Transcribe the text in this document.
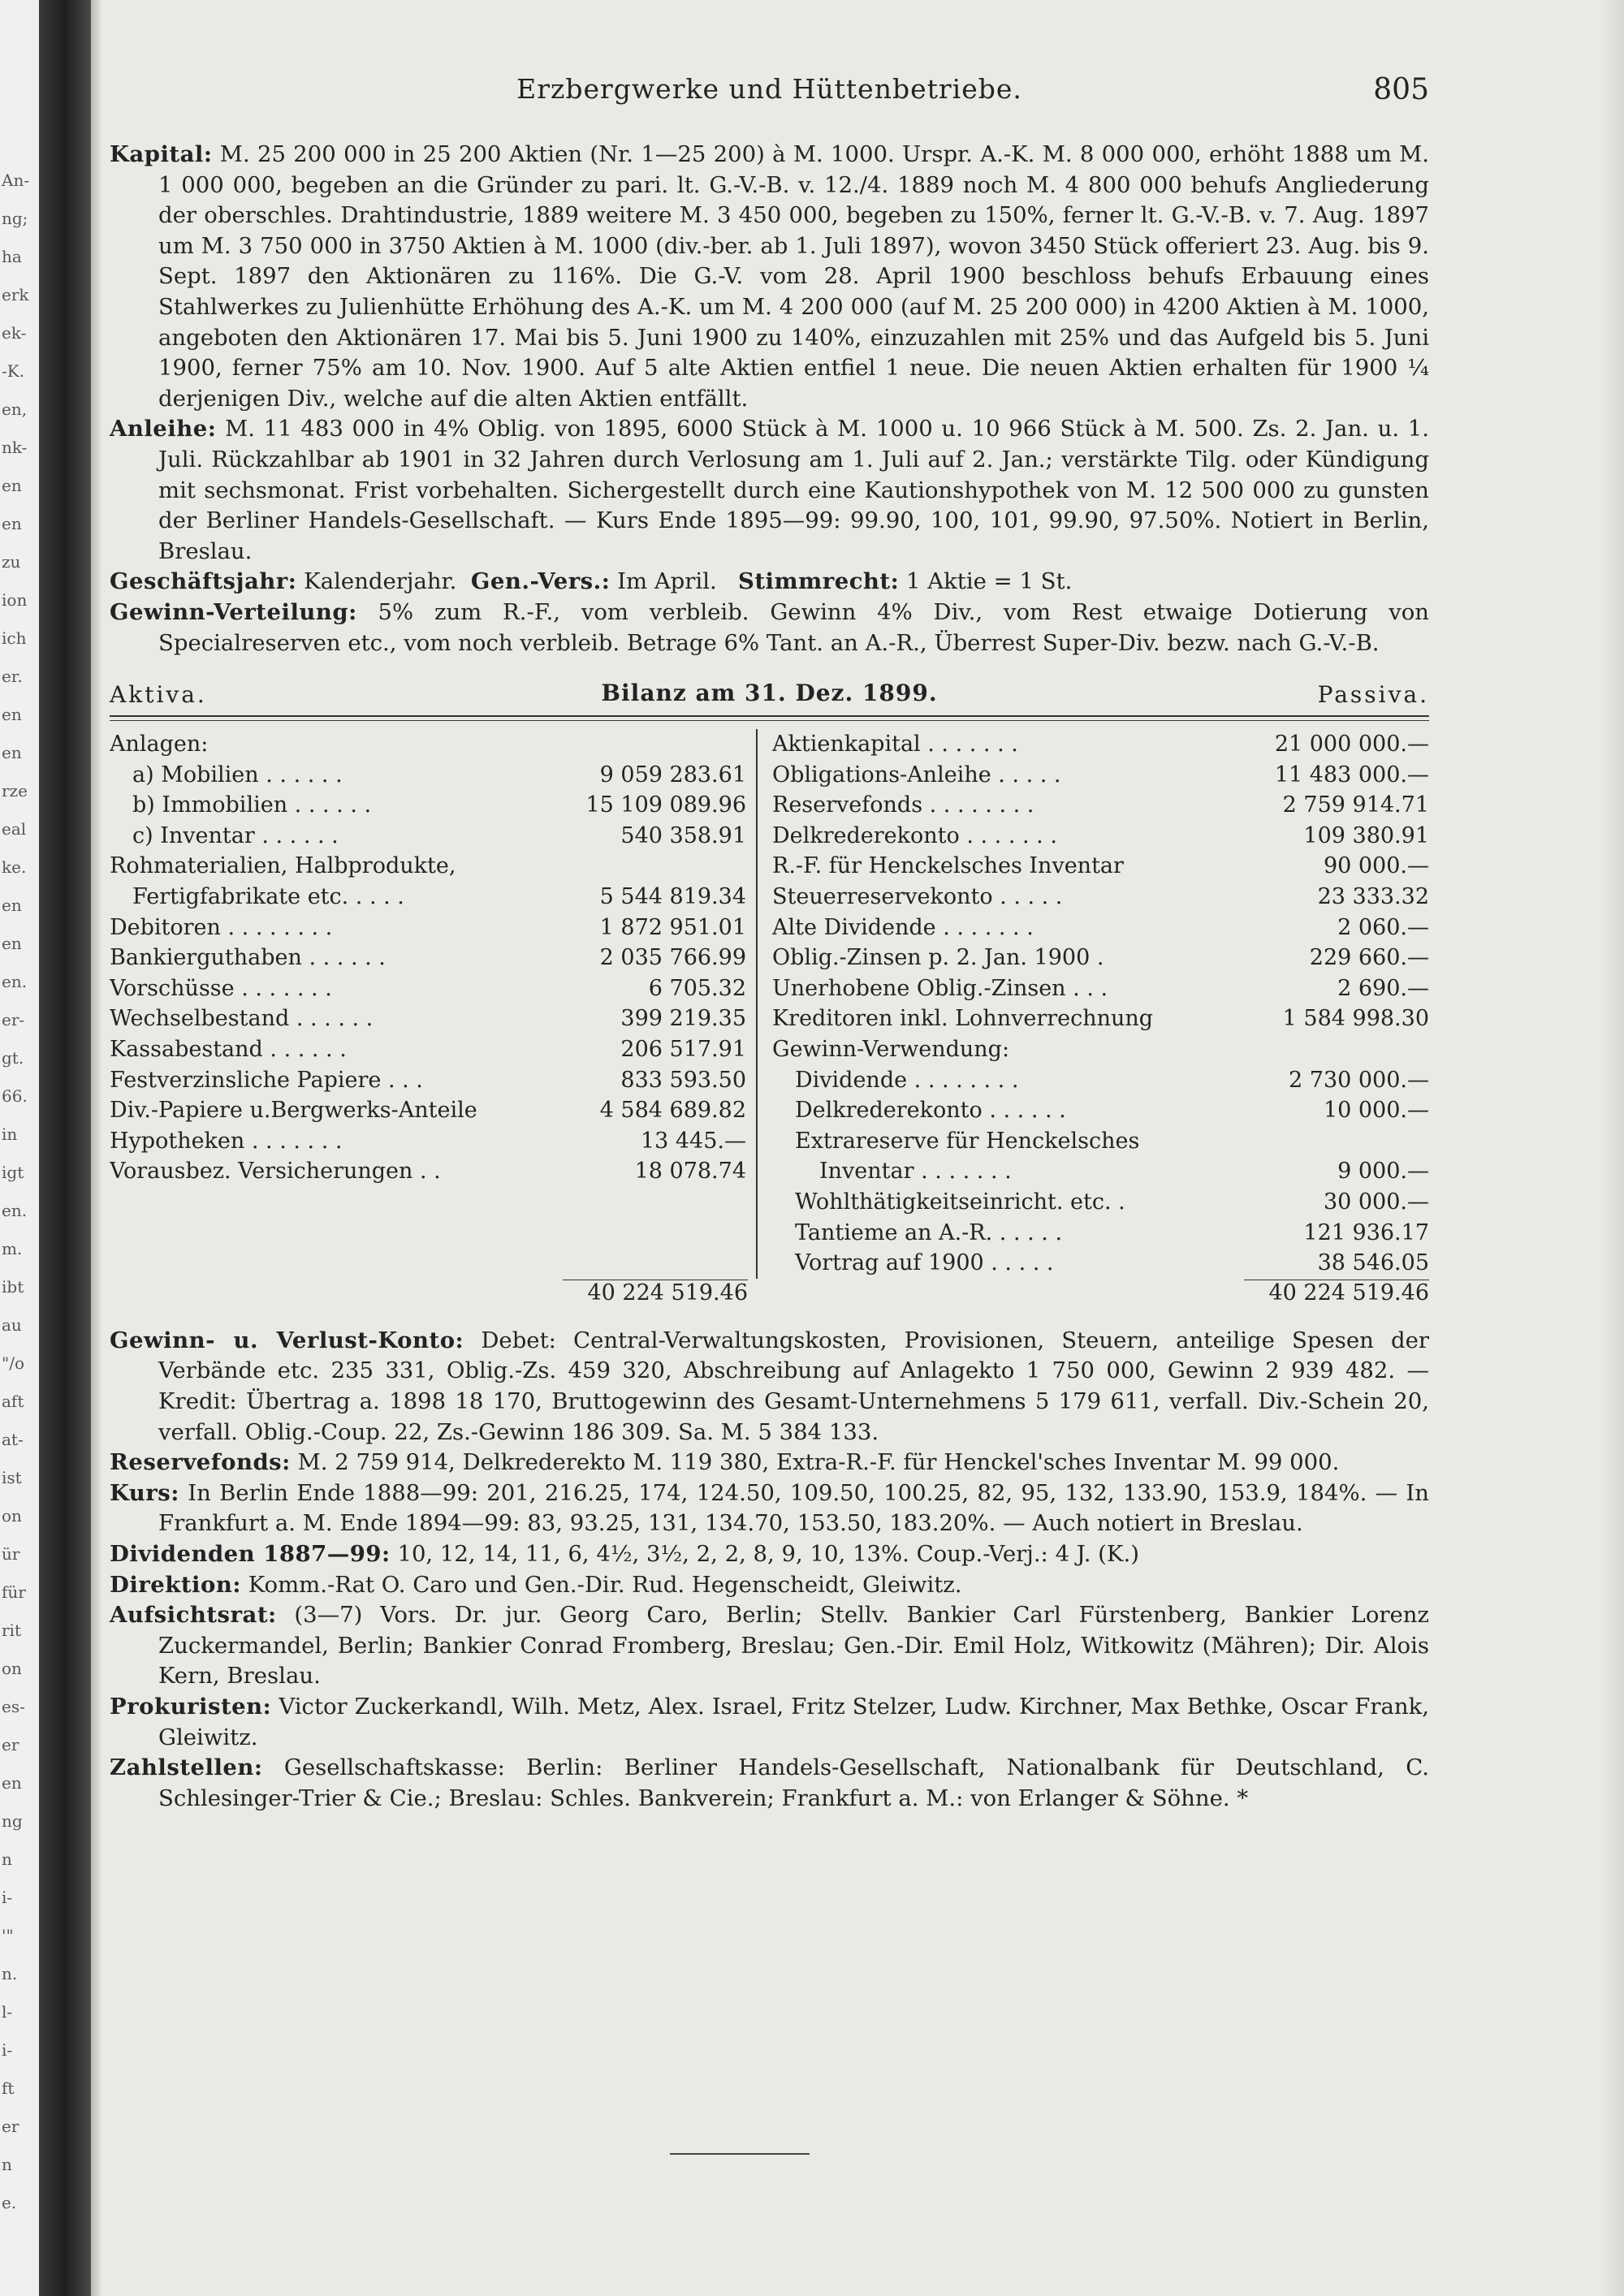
An-
ng;
ha
erk
ek-
-K.
en,
nk-
en
en
zu
ion
ich
er.
en
en
rze
eal
ke.
en
en
en.
er-
gt.
66.
in
igt
en.
m.
ibt
au
"/o
aft
at-
ist
on
ür
für
rit
on
es-
er
en
ng
n
i-
'"
n.
l-
i-
ft
er
n
e.
Erzbergwerke und Hüttenbetriebe.	805

Kapital: M. 25 200 000 in 25 200 Aktien (Nr. 1—25 200) à M. 1000. Urspr. A.-K. M. 8 000 000, erhöht 1888 um M. 1 000 000, begeben an die Gründer zu pari. lt. G.-V.-B. v. 12./4. 1889 noch M. 4 800 000 behufs Angliederung der oberschles. Drahtindustrie, 1889 weitere M. 3 450 000, begeben zu 150%, ferner lt. G.-V.-B. v. 7. Aug. 1897 um M. 3 750 000 in 3750 Aktien à M. 1000 (div.-ber. ab 1. Juli 1897), wovon 3450 Stück offeriert 23. Aug. bis 9. Sept. 1897 den Aktionären zu 116%. Die G.-V. vom 28. April 1900 beschloss behufs Erbauung eines Stahlwerkes zu Julienhütte Erhöhung des A.-K. um M. 4 200 000 (auf M. 25 200 000) in 4200 Aktien à M. 1000, angeboten den Aktionären 17. Mai bis 5. Juni 1900 zu 140%, einzuzahlen mit 25% und das Aufgeld bis 5. Juni 1900, ferner 75% am 10. Nov. 1900. Auf 5 alte Aktien entfiel 1 neue. Die neuen Aktien erhalten für 1900 ¼ derjenigen Div., welche auf die alten Aktien entfällt.

Anleihe: M. 11 483 000 in 4% Oblig. von 1895, 6000 Stück à M. 1000 u. 10 966 Stück à M. 500. Zs. 2. Jan. u. 1. Juli. Rückzahlbar ab 1901 in 32 Jahren durch Verlosung am 1. Juli auf 2. Jan.; verstärkte Tilg. oder Kündigung mit sechsmonat. Frist vorbehalten. Sichergestellt durch eine Kautionshypothek von M. 12 500 000 zu gunsten der Berliner Handels-Gesellschaft. — Kurs Ende 1895—99: 99.90, 100, 101, 99.90, 97.50%. Notiert in Berlin, Breslau.

Geschäftsjahr: Kalenderjahr. Gen.-Vers.: Im April. Stimmrecht: 1 Aktie = 1 St.

Gewinn-Verteilung: 5% zum R.-F., vom verbleib. Gewinn 4% Div., vom Rest etwaige Dotierung von Specialreserven etc., vom noch verbleib. Betrage 6% Tant. an A.-R., Überrest Super-Div. bezw. nach G.-V.-B.

Aktiva.	Bilanz am 31. Dez. 1899.	Passiva.
Anlagen:
a) Mobilien . . . . . .	9 059 283.61
b) Immobilien . . . . . .	15 109 089.96
c) Inventar . . . . . .	540 358.91
Rohmaterialien, Halbprodukte,
Fertigfabrikate etc. . . . .	5 544 819.34
Debitoren . . . . . . . .	1 872 951.01
Bankierguthaben . . . . . .	2 035 766.99
Vorschüsse . . . . . . .	6 705.32
Wechselbestand . . . . . .	399 219.35
Kassabestand . . . . . .	206 517.91
Festverzinsliche Papiere . . .	833 593.50
Div.-Papiere u.Bergwerks-Anteile	4 584 689.82
Hypotheken . . . . . . .	13 445.—
Vorausbez. Versicherungen . .	18 078.74
Aktienkapital . . . . . . .	21 000 000.—
Obligations-Anleihe . . . . .	11 483 000.—
Reservefonds . . . . . . . .	2 759 914.71
Delkrederekonto . . . . . . .	109 380.91
R.-F. für Henckelsches Inventar	90 000.—
Steuerreservekonto . . . . .	23 333.32
Alte Dividende . . . . . . .	2 060.—
Oblig.-Zinsen p. 2. Jan. 1900 .	229 660.—
Unerhobene Oblig.-Zinsen . . .	2 690.—
Kreditoren inkl. Lohnverrechnung	1 584 998.30
Gewinn-Verwendung:
Dividende . . . . . . . .	2 730 000.—
Delkrederekonto . . . . . .	10 000.—
Extrareserve für Henckelsches
Inventar . . . . . . .	9 000.—
Wohlthätigkeitseinricht. etc. .	30 000.—
Tantieme an A.-R. . . . . .	121 936.17
Vortrag auf 1900 . . . . .	38 546.05
40 224 519.46	40 224 519.46

Gewinn- u. Verlust-Konto: Debet: Central-Verwaltungskosten, Provisionen, Steuern, anteilige Spesen der Verbände etc. 235 331, Oblig.-Zs. 459 320, Abschreibung auf Anlagekto 1 750 000, Gewinn 2 939 482. — Kredit: Übertrag a. 1898 18 170, Bruttogewinn des Gesamt-Unternehmens 5 179 611, verfall. Div.-Schein 20, verfall. Oblig.-Coup. 22, Zs.-Gewinn 186 309. Sa. M. 5 384 133.

Reservefonds: M. 2 759 914, Delkrederekto M. 119 380, Extra-R.-F. für Henckel'sches Inventar M. 99 000.

Kurs: In Berlin Ende 1888—99: 201, 216.25, 174, 124.50, 109.50, 100.25, 82, 95, 132, 133.90, 153.9, 184%. — In Frankfurt a. M. Ende 1894—99: 83, 93.25, 131, 134.70, 153.50, 183.20%. — Auch notiert in Breslau.

Dividenden 1887—99: 10, 12, 14, 11, 6, 4½, 3½, 2, 2, 8, 9, 10, 13%. Coup.-Verj.: 4 J. (K.)

Direktion: Komm.-Rat O. Caro und Gen.-Dir. Rud. Hegenscheidt, Gleiwitz.

Aufsichtsrat: (3—7) Vors. Dr. jur. Georg Caro, Berlin; Stellv. Bankier Carl Fürstenberg, Bankier Lorenz Zuckermandel, Berlin; Bankier Conrad Fromberg, Breslau; Gen.-Dir. Emil Holz, Witkowitz (Mähren); Dir. Alois Kern, Breslau.

Prokuristen: Victor Zuckerkandl, Wilh. Metz, Alex. Israel, Fritz Stelzer, Ludw. Kirchner, Max Bethke, Oscar Frank, Gleiwitz.

Zahlstellen: Gesellschaftskasse: Berlin: Berliner Handels-Gesellschaft, Nationalbank für Deutschland, C. Schlesinger-Trier & Cie.; Breslau: Schles. Bankverein; Frankfurt a. M.: von Erlanger & Söhne. *
